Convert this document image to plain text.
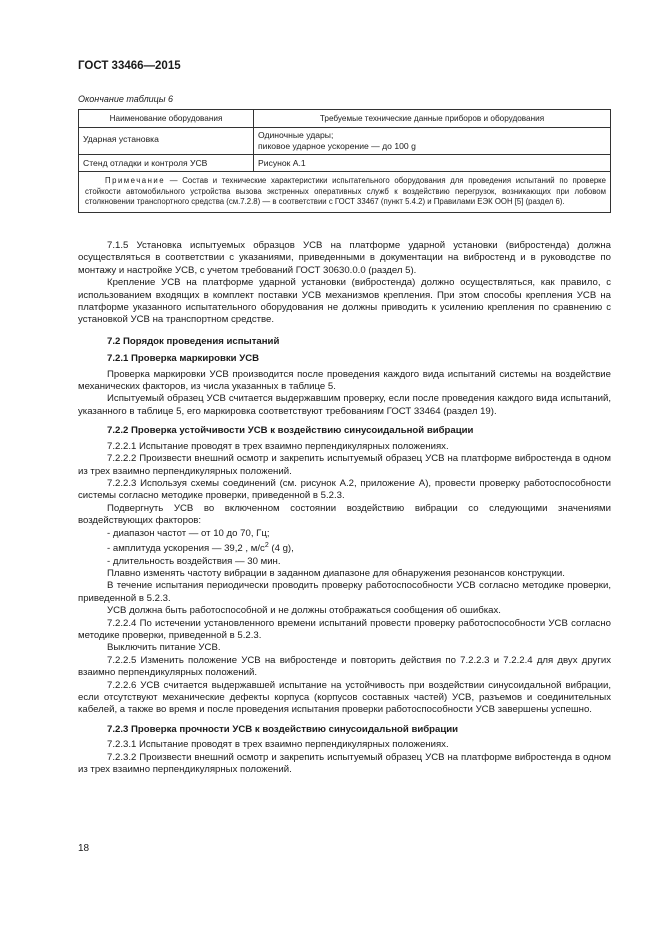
ГОСТ 33466—2015
Окончание таблицы 6
Наименование оборудования	Требуемые технические данные приборов и оборудования
Ударная установка	Одиночные удары;
пиковое ударное ускорение — до 100 g

Стенд отладки и контроля УСВ	Рисунок А.1

Примечание — Состав и технические характеристики испытательного оборудования для проведения испытаний по проверке стойкости автомобильного устройства вызова экстренных оперативных служб к воздействию перегрузок, возникающих при лобовом столкновении транспортного средства (см.7.2.8) — в соответствии с ГОСТ 33467 (пункт 5.4.2) и Правилами ЕЭК ООН [5] (раздел 6).	

7.1.5 Установка испытуемых образцов УСВ на платформе ударной установки (вибростенда) должна осуществляться в соответствии с указаниями, приведенными в документации на вибростенд и в руководстве по монтажу и настройке УСВ, с учетом требований ГОСТ 30630.0.0 (раздел 5).

Крепление УСВ на платформе ударной установки (вибростенда) должно осуществляться, как правило, с использованием входящих в комплект поставки УСВ механизмов крепления. При этом способы крепления УСВ на платформе указанного испытательного оборудования не должны приводить к усилению крепления по сравнению с установкой УСВ на транспортном средстве.

7.2 Порядок проведения испытаний

7.2.1 Проверка маркировки УСВ

Проверка маркировки УСВ производится после проведения каждого вида испытаний системы на воздействие механических факторов, из числа указанных в таблице 5.

Испытуемый образец УСВ считается выдержавшим проверку, если после проведения каждого вида испытаний, указанного в таблице 5, его маркировка соответствуют требованиям ГОСТ 33464 (раздел 19).

7.2.2 Проверка устойчивости УСВ к воздействию синусоидальной вибрации

7.2.2.1 Испытание проводят в трех взаимно перпендикулярных положениях.

7.2.2.2 Произвести внешний осмотр и закрепить испытуемый образец УСВ на платформе вибростенда в одном из трех взаимно перпендикулярных положений.

7.2.2.3 Используя схемы соединений (см. рисунок А.2, приложение А), провести проверку работоспособности системы согласно методике проверки, приведенной в 5.2.3.

Подвергнуть УСВ во включенном состоянии воздействию вибрации со следующими значениями воздействующих факторов:

- диапазон частот — от 10 до 70, Гц;

- амплитуда ускорения — 39,2 , $м/с^2$ (4 g),

- длительность воздействия — 30 мин.

Плавно изменять частоту вибрации в заданном диапазоне для обнаружения резонансов конструкции.

В течение испытания периодически проводить проверку работоспособности УСВ согласно методике проверки, приведенной в 5.2.3.

УСВ должна быть работоспособной и не должны отображаться сообщения об ошибках.

7.2.2.4 По истечении установленного времени испытаний провести проверку работоспособности УСВ согласно методике проверки, приведенной в 5.2.3.

Выключить питание УСВ.

7.2.2.5 Изменить положение УСВ на вибростенде и повторить действия по 7.2.2.3 и 7.2.2.4 для двух других взаимно перпендикулярных положений.

7.2.2.6 УСВ считается выдержавшей испытание на устойчивость при воздействии синусоидальной вибрации, если отсутствуют механические дефекты корпуса (корпусов составных частей) УСВ, разъемов и соединительных кабелей, а также во время и после проведения испытания проверки работоспособности УСВ завершены успешно.

7.2.3 Проверка прочности УСВ к воздействию синусоидальной вибрации

7.2.3.1 Испытание проводят в трех взаимно перпендикулярных положениях.

7.2.3.2 Произвести внешний осмотр и закрепить испытуемый образец УСВ на платформе вибростенда в одном из трех взаимно перпендикулярных положений.

18
